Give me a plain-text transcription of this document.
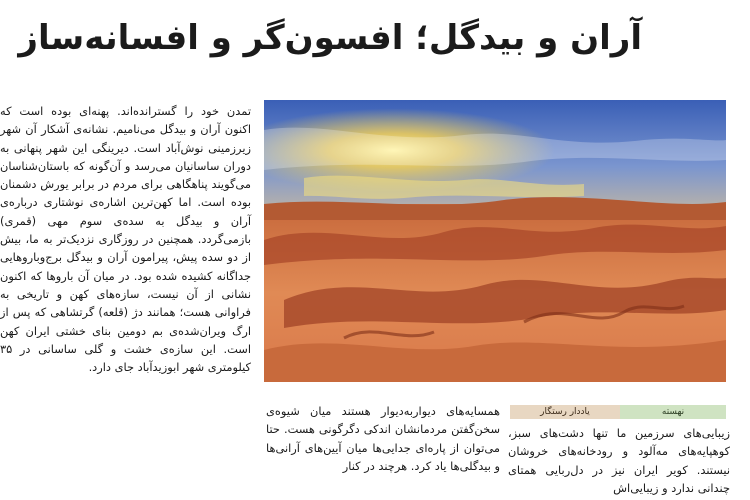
آران و بیدگل؛ افسون‌گر و افسانه‌ساز

تمدن خود را گسترانده‌اند. پهنه‌ای بوده است که اکنون آران و بیدگل می‌نامیم. نشانه‌ی آشکار آن شهر زیرزمینی نوش‌آباد است. دیرینگی این شهر پنهانی به دوران ساسانیان می‌رسد و آن‌گونه که باستان‌شناسان می‌گویند پناهگاهی برای مردم در برابر یورش دشمنان بوده است. اما کهن‌ترین اشاره‌ی نوشتاری درباره‌ی آران و بیدگل به سده‌ی سوم مهی (قمری) بازمی‌گردد. همچنین در روزگاری نزدیک‌تر به ما، بیش از دو سده پیش، پیرامون آران و بیدگل برج‌وباروهایی جداگانه کشیده شده بود. در میان آن باروها که اکنون نشانی از آن نیست، سازه‌های کهن و تاریخی به فراوانی هست؛ همانند دژ (قلعه) گرتشاهی که پس از ارگ ویران‌شده‌ی بم دومین بنای خشتی ایران کهن است. این سازه‌ی خشت و گلی ساسانی در ۳۵ کیلومتری شهر ابوزیدآباد جای دارد.

همسایه‌های دیواربه‌دیوار هستند میان شیوه‌ی سخن‌گفتن مردمانشان اندکی دگرگونی هست. حتا می‌توان از پاره‌ای جدایی‌ها میان آیین‌های آرانی‌ها و بیدگلی‌ها یاد کرد. هرچند در کنار

نهسته
یاددار رستگار

زیبایی‌های سرزمین ما تنها دشت‌های سبز، کوهپایه‌های مه‌آلود و رودخانه‌های خروشان نیستند. کویر ایران نیز در دل‌ربایی همتای چندانی ندارد و زیبایی‌اش
